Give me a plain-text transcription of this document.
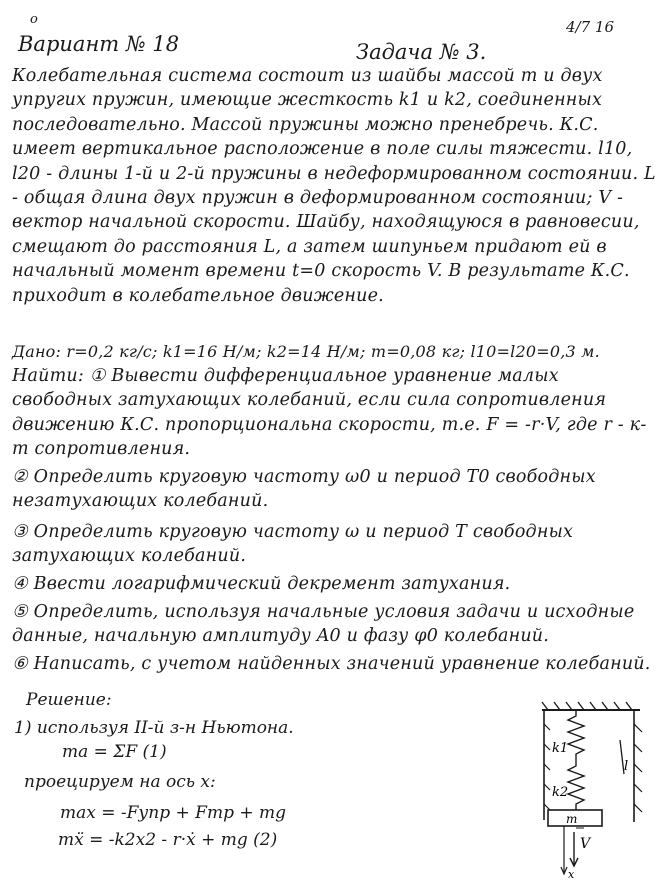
о	4/7 16
Вариант № 18	Задача № 3.
Колебательная система состоит из шайбы массой m и двух упругих пружин, имеющие жесткость k1 и k2, соединенных последовательно. Массой пружины можно пренебречь. К.С. имеет вертикальное расположение в поле силы тяжести. l10, l20 - длины 1-й и 2-й пружины в недеформированном состоянии. L - общая длина двух пружин в деформированном состоянии; V - вектор начальной скорости. Шайбу, находящуюся в равновесии, смещают до расстояния L, а затем шипуньем придают ей в начальный момент времени t=0 скорость V. В результате К.С. приходит в колебательное движение.
Дано: r=0,2 кг/с; k1=16 Н/м; k2=14 Н/м; m=0,08 кг; l10=l20=0,3 м.
Найти: ① Вывести дифференциальное уравнение малых свободных затухающих колебаний, если сила сопротивления движению К.С. пропорциональна скорости, т.е. F = -r·V, где r - к-т сопротивления.
② Определить круговую частоту ω0 и период T0 свободных незатухающих колебаний.
③ Определить круговую частоту ω и период T свободных затухающих колебаний.
④ Ввести логарифмический декремент затухания.
⑤ Определить, используя начальные условия задачи и исходные данные, начальную амплитуду A0 и фазу φ0 колебаний.
⑥ Написать, с учетом найденных значений уравнение колебаний.
Решение:
1) используя II-й з-н Ньютона.
ma = ΣF (1)
проецируем на ось x:
max = -Fупр + Fтр + mg
mẍ = -k2x2 - r·ẋ + mg (2)
k1
k2
m
l
V
x
